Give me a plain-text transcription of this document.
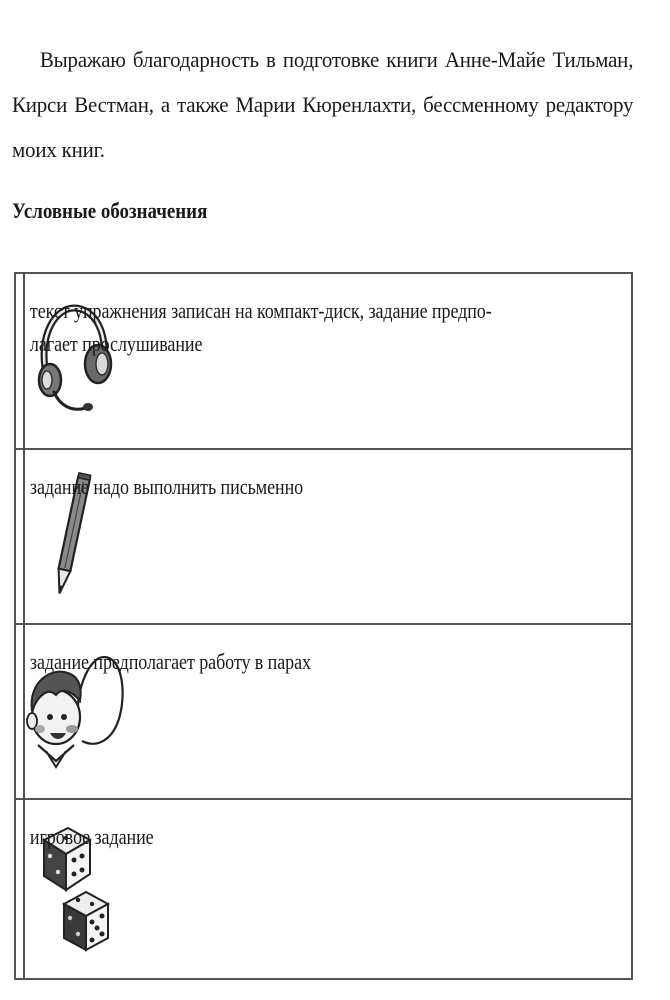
Выражаю благодарность в подготовке книги Анне-Майе Тильман, Кирси Вестман, а также Марии Кюренлахти, бессменному редактору моих книг.

Условные обозначения

текст упражнения записан на компакт-диск, задание предпо-лагает прослушивание

задание надо выполнить письменно

задание предполагает работу в парах

игровое задание
